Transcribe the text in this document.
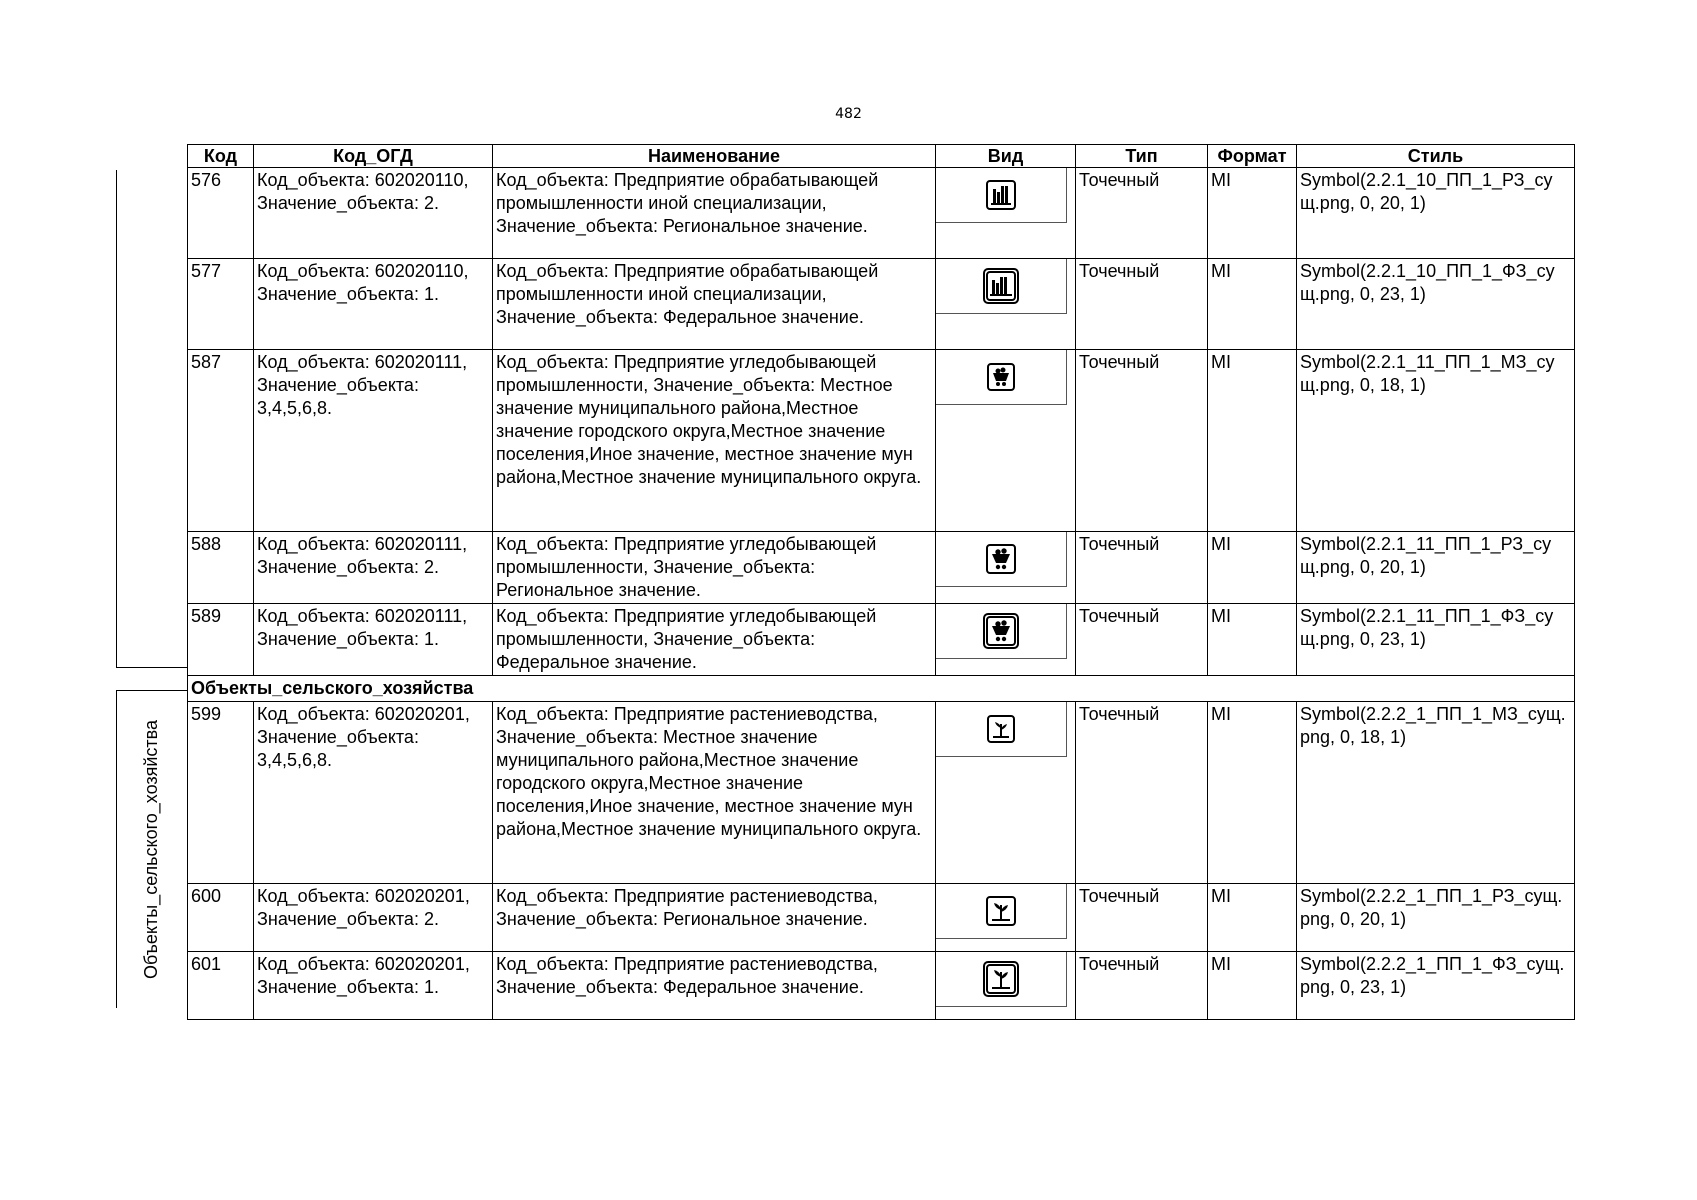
482
Объекты_сельского_хозяйства
Код	Код_ОГД	Наименование	Вид	Тип	Формат	Стиль
576	Код_объекта: 602020110, Значение_объекта: 2.	Код_объекта: Предприятие обрабатывающей промышленности иной специализации, Значение_объекта: Региональное значение.		Точечный	MI	Symbol(2.2.1_10_ПП_1_РЗ_су щ.png, 0, 20, 1)
577	Код_объекта: 602020110, Значение_объекта: 1.	Код_объекта: Предприятие обрабатывающей промышленности иной специализации, Значение_объекта: Федеральное значение.		Точечный	MI	Symbol(2.2.1_10_ПП_1_ФЗ_су щ.png, 0, 23, 1)
587	Код_объекта: 602020111, Значение_объекта: 3,4,5,6,8.	Код_объекта: Предприятие угледобывающей промышленности, Значение_объекта: Местное значение муниципального района,Местное значение городского округа,Местное значение поселения,Иное значение, местное значение мун района,Местное значение муниципального округа.		Точечный	MI	Symbol(2.2.1_11_ПП_1_МЗ_су щ.png, 0, 18, 1)
588	Код_объекта: 602020111, Значение_объекта: 2.	Код_объекта: Предприятие угледобывающей промышленности, Значение_объекта: Региональное значение.		Точечный	MI	Symbol(2.2.1_11_ПП_1_РЗ_су щ.png, 0, 20, 1)
589	Код_объекта: 602020111, Значение_объекта: 1.	Код_объекта: Предприятие угледобывающей промышленности, Значение_объекта: Федеральное значение.		Точечный	MI	Symbol(2.2.1_11_ПП_1_ФЗ_су щ.png, 0, 23, 1)
Объекты_сельского_хозяйства						
599	Код_объекта: 602020201, Значение_объекта: 3,4,5,6,8.	Код_объекта: Предприятие растениеводства, Значение_объекта: Местное значение муниципального района,Местное значение городского округа,Местное значение поселения,Иное значение, местное значение мун района,Местное значение муниципального округа.		Точечный	MI	Symbol(2.2.2_1_ПП_1_МЗ_сущ. png, 0, 18, 1)
600	Код_объекта: 602020201, Значение_объекта: 2.	Код_объекта: Предприятие растениеводства, Значение_объекта: Региональное значение.		Точечный	MI	Symbol(2.2.2_1_ПП_1_РЗ_сущ. png, 0, 20, 1)
601	Код_объекта: 602020201, Значение_объекта: 1.	Код_объекта: Предприятие растениеводства, Значение_объекта: Федеральное значение.		Точечный	MI	Symbol(2.2.2_1_ПП_1_ФЗ_сущ. png, 0, 23, 1)
